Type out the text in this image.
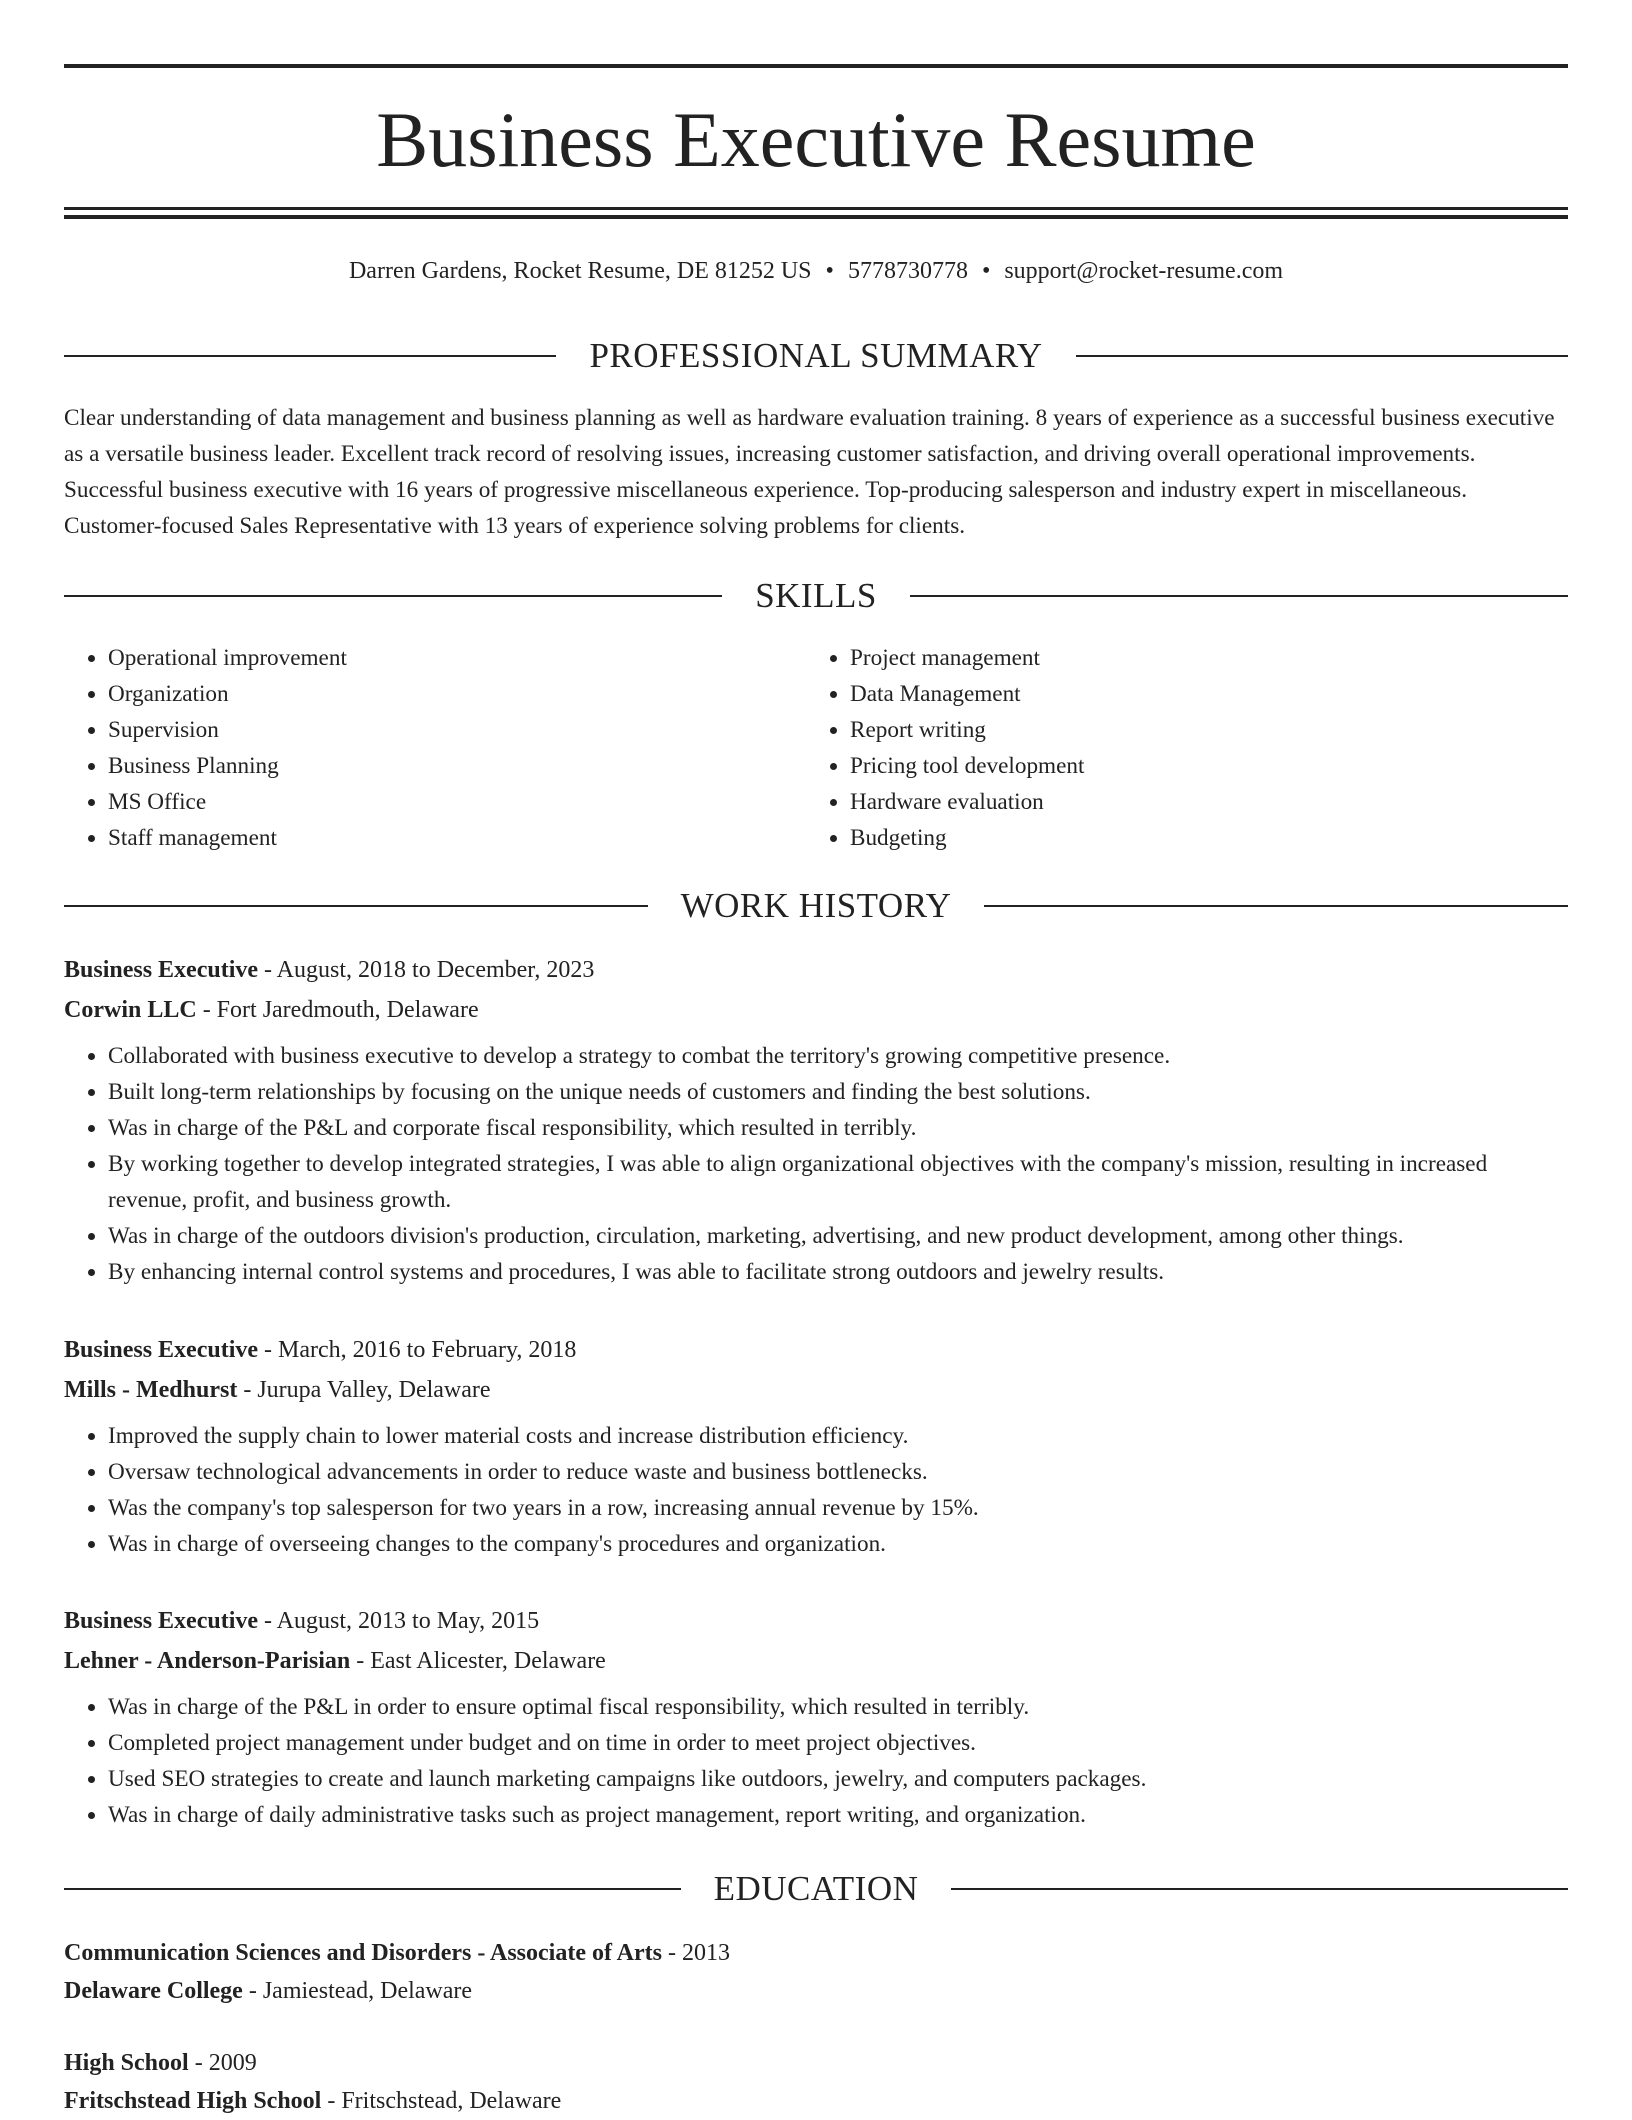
Business Executive Resume
Darren Gardens, Rocket Resume, DE 81252 US • 5778730778 • support@rocket-resume.com
PROFESSIONAL SUMMARY
Clear understanding of data management and business planning as well as hardware evaluation training. 8 years of experience as a successful business executive as a versatile business leader. Excellent track record of resolving issues, increasing customer satisfaction, and driving overall operational improvements. Successful business executive with 16 years of progressive miscellaneous experience. Top-producing salesperson and industry expert in miscellaneous. Customer-focused Sales Representative with 13 years of experience solving problems for clients.
SKILLS
• Operational improvement
• Organization
• Supervision
• Business Planning
• MS Office
• Staff management
• Project management
• Data Management
• Report writing
• Pricing tool development
• Hardware evaluation
• Budgeting
WORK HISTORY
Business Executive - August, 2018 to December, 2023
Corwin LLC - Fort Jaredmouth, Delaware
• Collaborated with business executive to develop a strategy to combat the territory's growing competitive presence.
• Built long-term relationships by focusing on the unique needs of customers and finding the best solutions.
• Was in charge of the P&L and corporate fiscal responsibility, which resulted in terribly.
• By working together to develop integrated strategies, I was able to align organizational objectives with the company's mission, resulting in increased revenue, profit, and business growth.
• Was in charge of the outdoors division's production, circulation, marketing, advertising, and new product development, among other things.
• By enhancing internal control systems and procedures, I was able to facilitate strong outdoors and jewelry results.
Business Executive - March, 2016 to February, 2018
Mills - Medhurst - Jurupa Valley, Delaware
• Improved the supply chain to lower material costs and increase distribution efficiency.
• Oversaw technological advancements in order to reduce waste and business bottlenecks.
• Was the company's top salesperson for two years in a row, increasing annual revenue by 15%.
• Was in charge of overseeing changes to the company's procedures and organization.
Business Executive - August, 2013 to May, 2015
Lehner - Anderson-Parisian - East Alicester, Delaware
• Was in charge of the P&L in order to ensure optimal fiscal responsibility, which resulted in terribly.
• Completed project management under budget and on time in order to meet project objectives.
• Used SEO strategies to create and launch marketing campaigns like outdoors, jewelry, and computers packages.
• Was in charge of daily administrative tasks such as project management, report writing, and organization.
EDUCATION
Communication Sciences and Disorders - Associate of Arts - 2013
Delaware College - Jamiestead, Delaware
High School - 2009
Fritschstead High School - Fritschstead, Delaware
